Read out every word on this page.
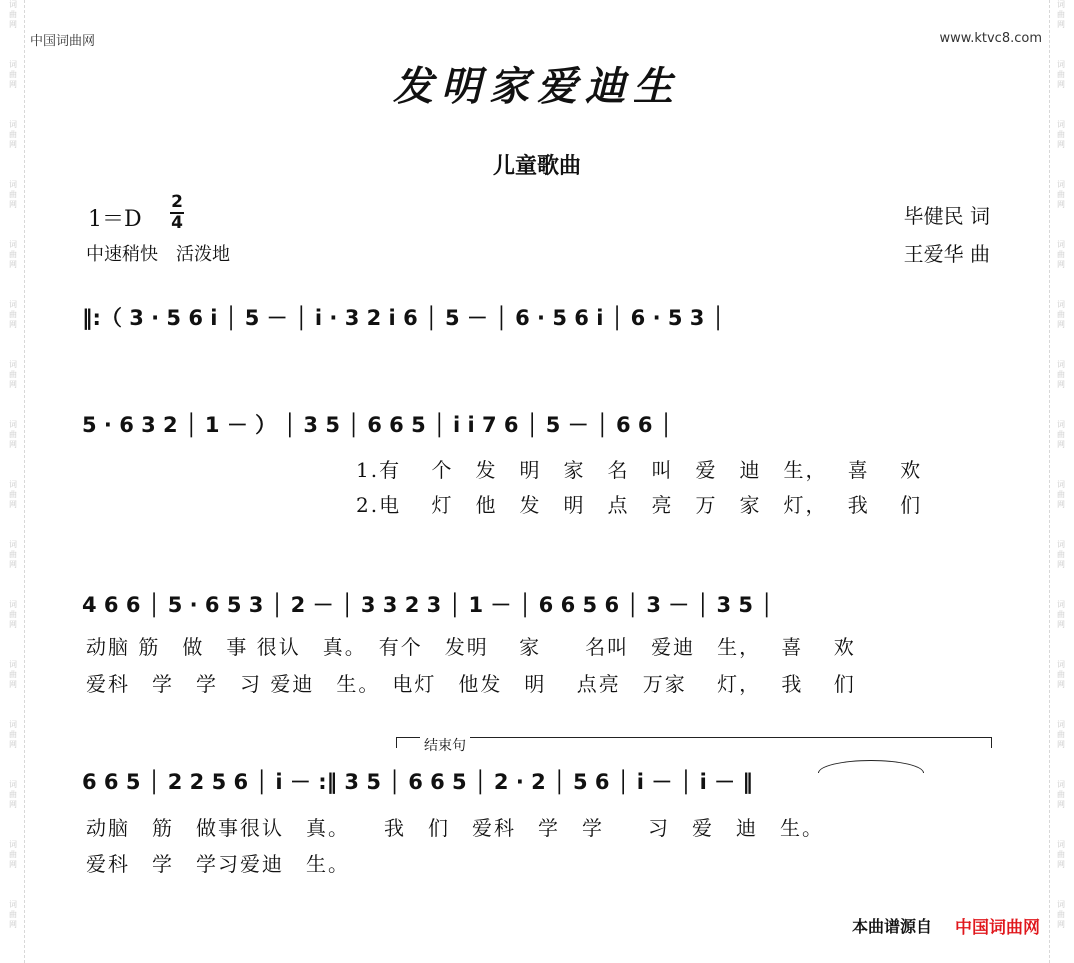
词
曲
网

词
曲
网

词
曲
网

词
曲
网

词
曲
网

词
曲
网

词
曲
网

词
曲
网

词
曲
网

词
曲
网

词
曲
网

词
曲
网

词
曲
网

词
曲
网

词
曲
网

词
曲
网
词
曲
网

词
曲
网

词
曲
网

词
曲
网

词
曲
网

词
曲
网

词
曲
网

词
曲
网

词
曲
网

词
曲
网

词
曲
网

词
曲
网

词
曲
网

词
曲
网

词
曲
网

词
曲
网
中国词曲网	www.ktvc8.com
发明家爱迪生
儿童歌曲
1＝D
2
4
中速稍快　活泼地
毕健民 词
王爱华 曲
‖:（ 3 · 5 6 i │ 5 － │ i · 3 2 i 6 │ 5 － │ 6 · 5 6 i │ 6 · 5 3 │
5 · 6 3 2 │ 1 － ） │ 3 5 │ 6 6 5 │ i i 7 6 │ 5 － │ 6 6 │
1.有　 个　发　明　家　名　叫　爱　迪　生，　 喜　 欢
2.电　 灯　他　发　明　点　亮　万　家　灯，　 我　 们
4 6 6 │ 5 · 6 5 3 │ 2 － │ 3 3 2 3 │ 1 － │ 6 6 5 6 │ 3 － │ 3 5 │
动脑 筋　做　事 很认　真。　有个　发明　 家　　名叫　爱迪　生，　 喜　 欢
爱科　学　学　习 爱迪　生。　电灯　他发　明　 点亮　万家　 灯，　 我　 们
结束句
6 6 5 │ 2 2 5 6 │ i － :‖ 3 5 │ 6 6 5 │ 2 · 2 │ 5 6 │ i － │ i － ‖
动脑　筋　做事很认　真。　　我　们　爱科　学　学　　习　爱　迪　生。
爱科　学　学习爱迪　生。
本曲谱源自 中国词曲网
